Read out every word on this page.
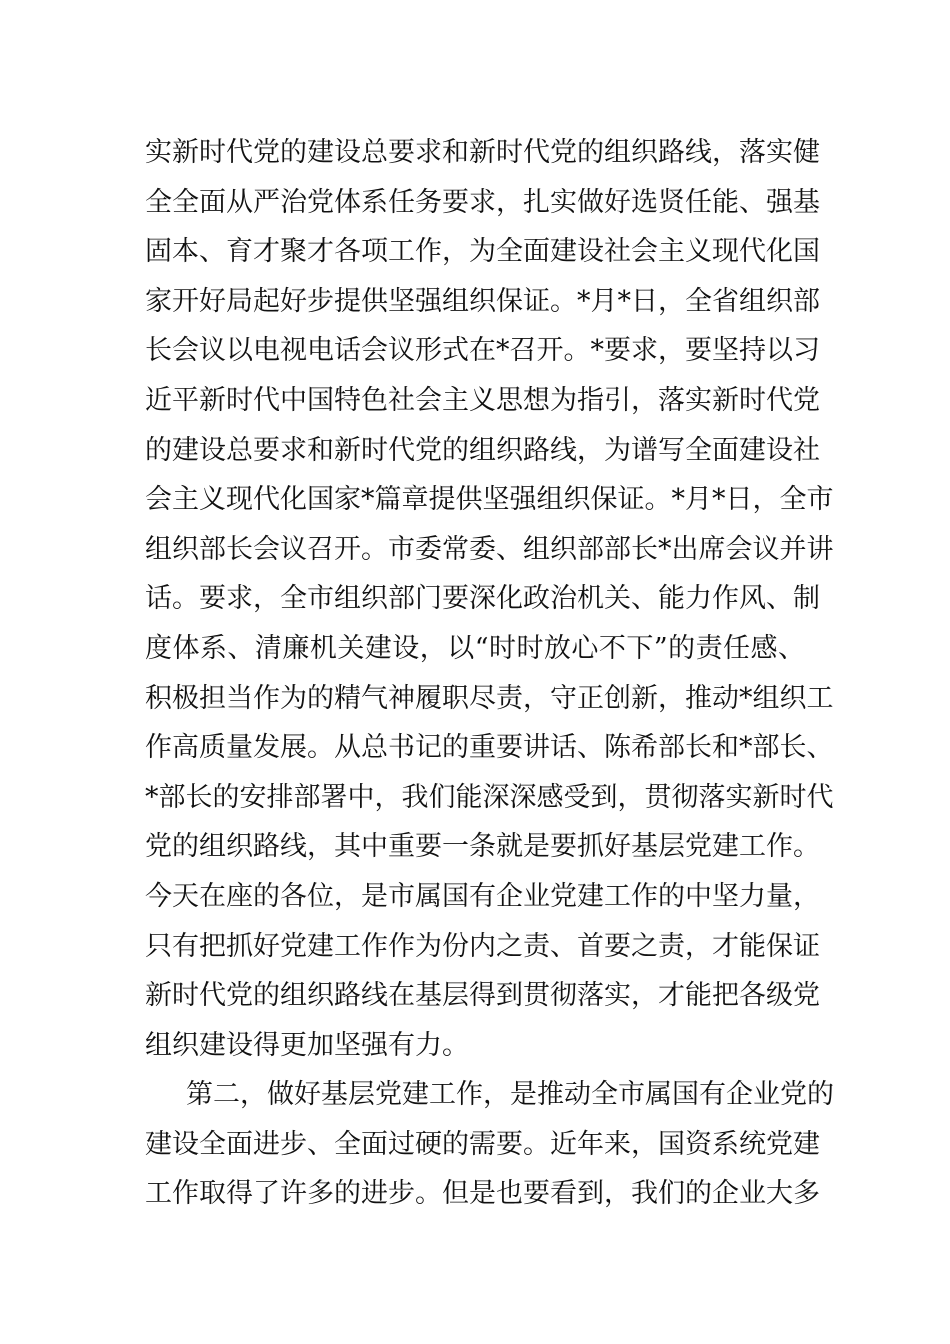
实新时代党的建设总要求和新时代党的组织路线，落实健
全全面从严治党体系任务要求，扎实做好选贤任能、强基
固本、育才聚才各项工作，为全面建设社会主义现代化国
家开好局起好步提供坚强组织保证。*月*日，全省组织部
长会议以电视电话会议形式在*召开。*要求，要坚持以习
近平新时代中国特色社会主义思想为指引，落实新时代党
的建设总要求和新时代党的组织路线，为谱写全面建设社
会主义现代化国家*篇章提供坚强组织保证。*月*日，全市
组织部长会议召开。市委常委、组织部部长*出席会议并讲
话。要求，全市组织部门要深化政治机关、能力作风、制
度体系、清廉机关建设，以“时时放心不下”的责任感、
积极担当作为的精气神履职尽责，守正创新，推动*组织工
作高质量发展。从总书记的重要讲话、陈希部长和*部长、
*部长的安排部署中，我们能深深感受到，贯彻落实新时代
党的组织路线，其中重要一条就是要抓好基层党建工作。
今天在座的各位，是市属国有企业党建工作的中坚力量，
只有把抓好党建工作作为份内之责、首要之责，才能保证
新时代党的组织路线在基层得到贯彻落实，才能把各级党
组织建设得更加坚强有力。
第二，做好基层党建工作，是推动全市属国有企业党的
建设全面进步、全面过硬的需要。近年来，国资系统党建
工作取得了许多的进步。但是也要看到，我们的企业大多
